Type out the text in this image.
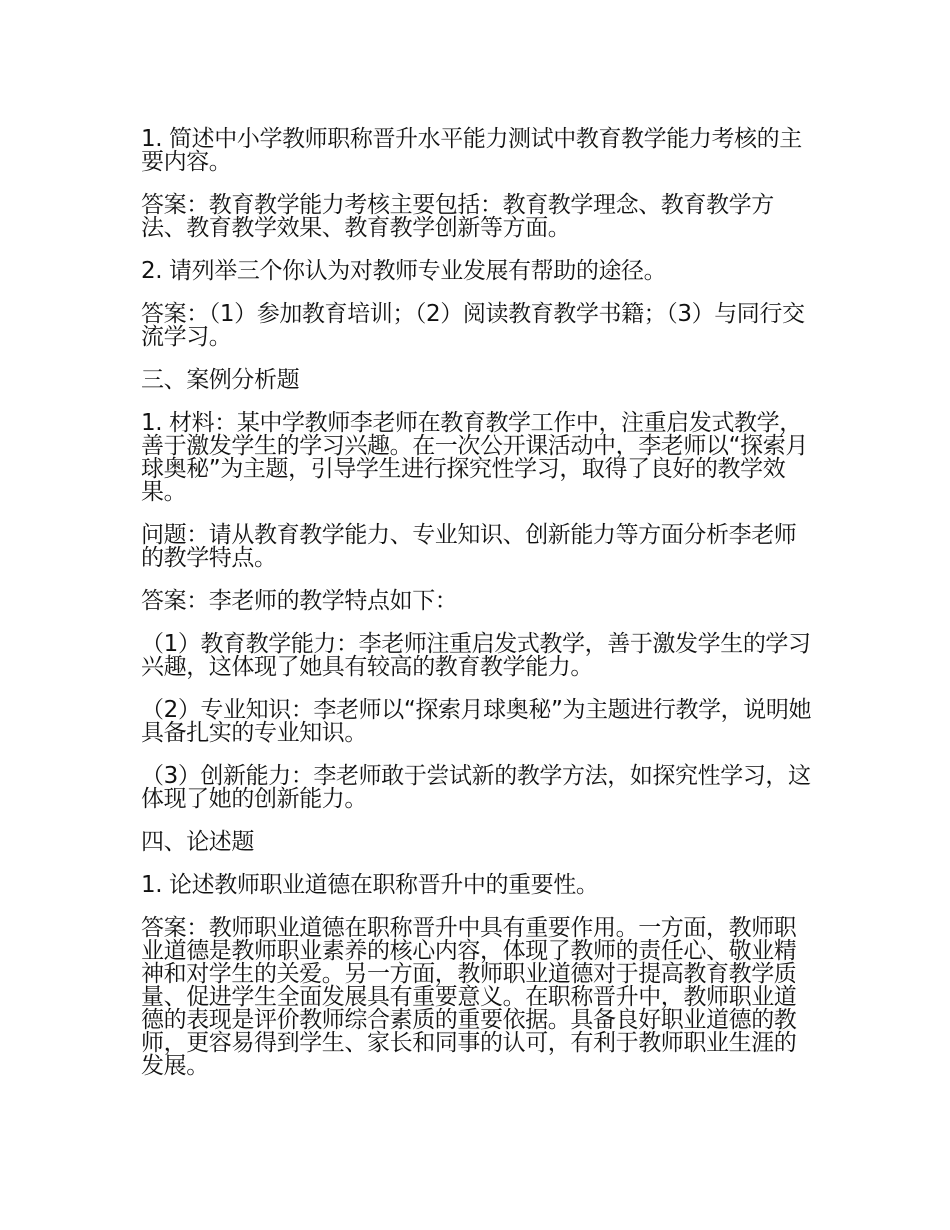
1. 简述中小学教师职称晋升水平能力测试中教育教学能力考核的主要内容。

答案：教育教学能力考核主要包括：教育教学理念、教育教学方法、教育教学效果、教育教学创新等方面。

2. 请列举三个你认为对教师专业发展有帮助的途径。

答案：（1）参加教育培训；（2）阅读教育教学书籍；（3）与同行交流学习。

三、案例分析题

1. 材料：某中学教师李老师在教育教学工作中，注重启发式教学，善于激发学生的学习兴趣。在一次公开课活动中，李老师以“探索月球奥秘”为主题，引导学生进行探究性学习，取得了良好的教学效果。

问题：请从教育教学能力、专业知识、创新能力等方面分析李老师的教学特点。

答案：李老师的教学特点如下：

（1）教育教学能力：李老师注重启发式教学，善于激发学生的学习兴趣，这体现了她具有较高的教育教学能力。

（2）专业知识：李老师以“探索月球奥秘”为主题进行教学，说明她具备扎实的专业知识。

（3）创新能力：李老师敢于尝试新的教学方法，如探究性学习，这体现了她的创新能力。

四、论述题

1. 论述教师职业道德在职称晋升中的重要性。

答案：教师职业道德在职称晋升中具有重要作用。一方面，教师职业道德是教师职业素养的核心内容，体现了教师的责任心、敬业精神和对学生的关爱。另一方面，教师职业道德对于提高教育教学质量、促进学生全面发展具有重要意义。在职称晋升中，教师职业道德的表现是评价教师综合素质的重要依据。具备良好职业道德的教师，更容易得到学生、家长和同事的认可，有利于教师职业生涯的发展。
